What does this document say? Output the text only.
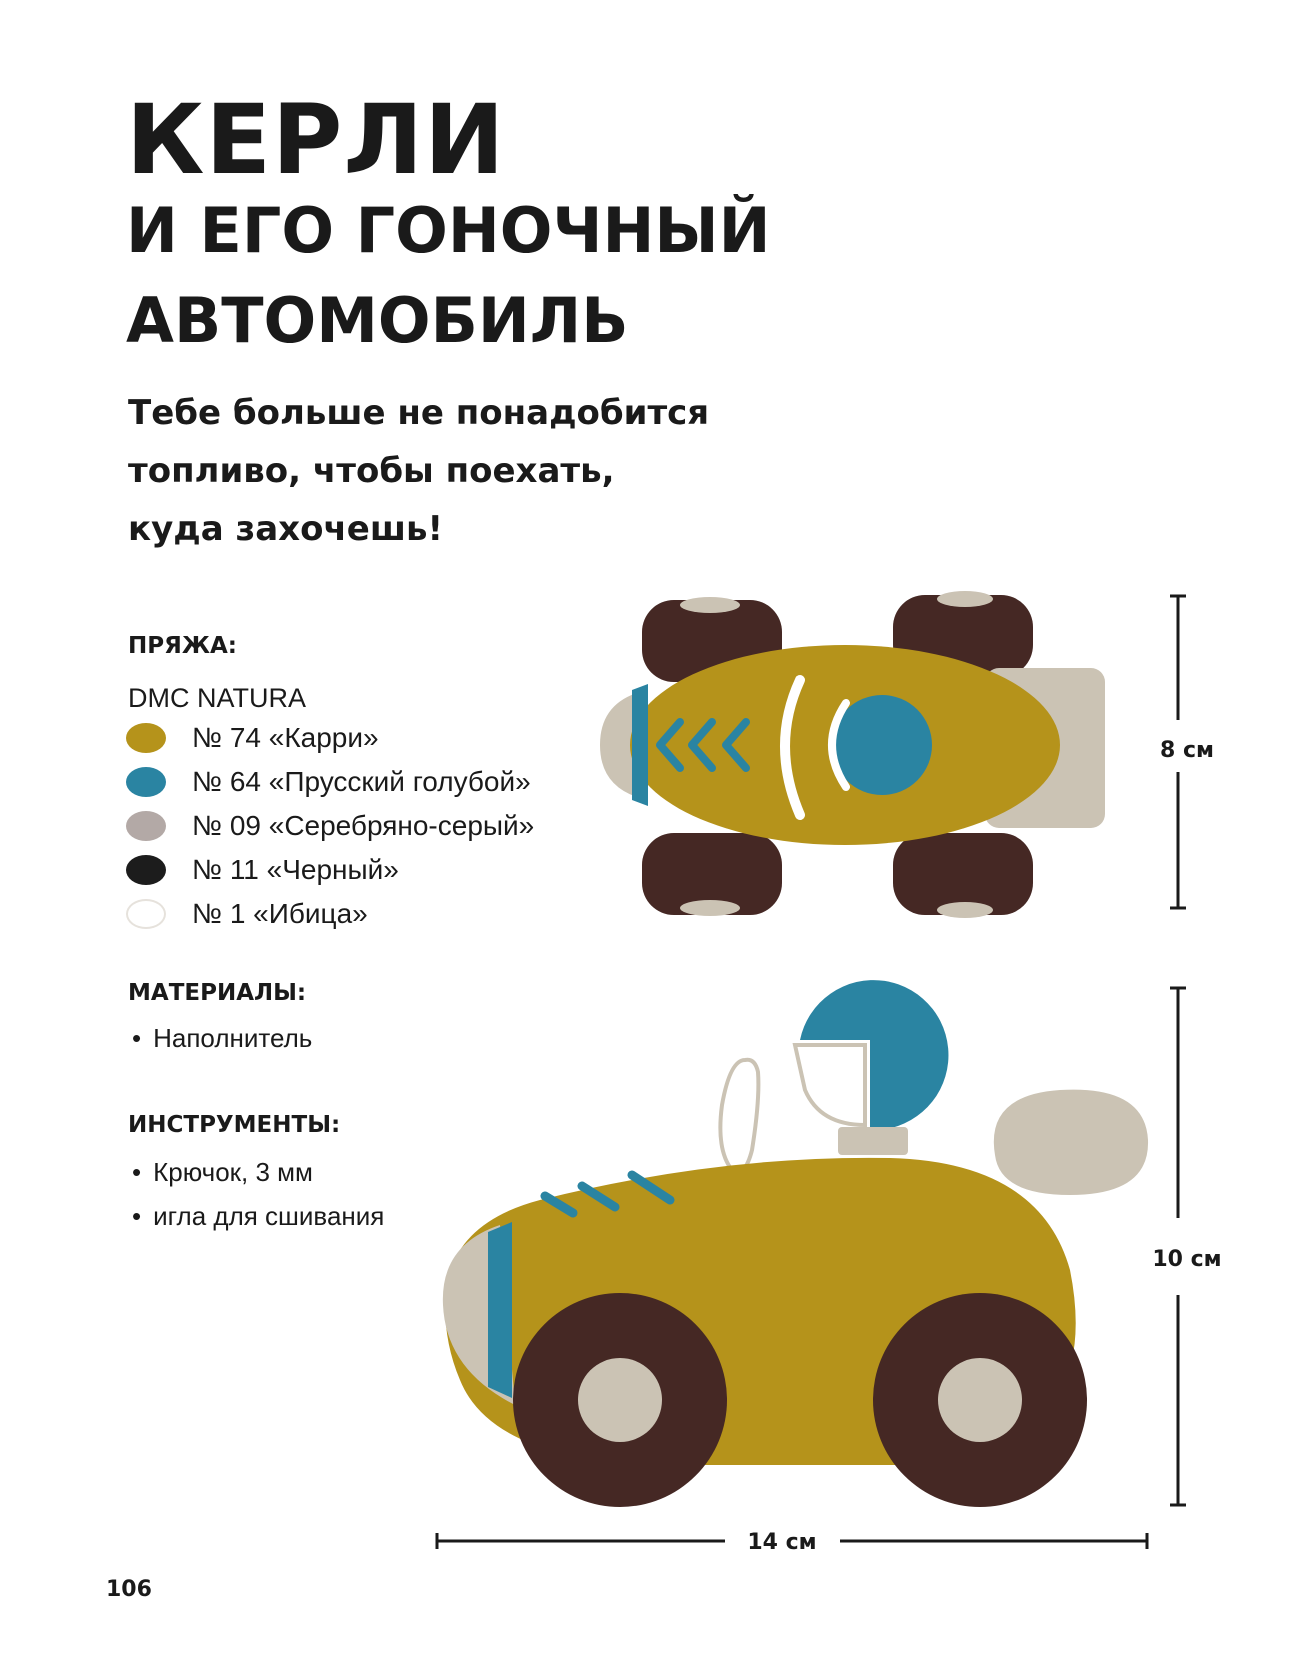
КЕРЛИ
И ЕГО ГОНОЧНЫЙ
АВТОМОБИЛЬ

Тебе больше не понадобится
топливо, чтобы поехать,
куда захочешь!

ПРЯЖА:
DMC NATURA
№ 74 «Карри»
№ 64 «Прусский голубой»
№ 09 «Серебряно-серый»
№ 11 «Черный»
№ 1 «Ибица»
МАТЕРИАЛЫ:
• Наполнитель
ИНСТРУМЕНТЫ:
• Крючок, 3 мм
• игла для сшивания
8 см
10 см
14 см
106
